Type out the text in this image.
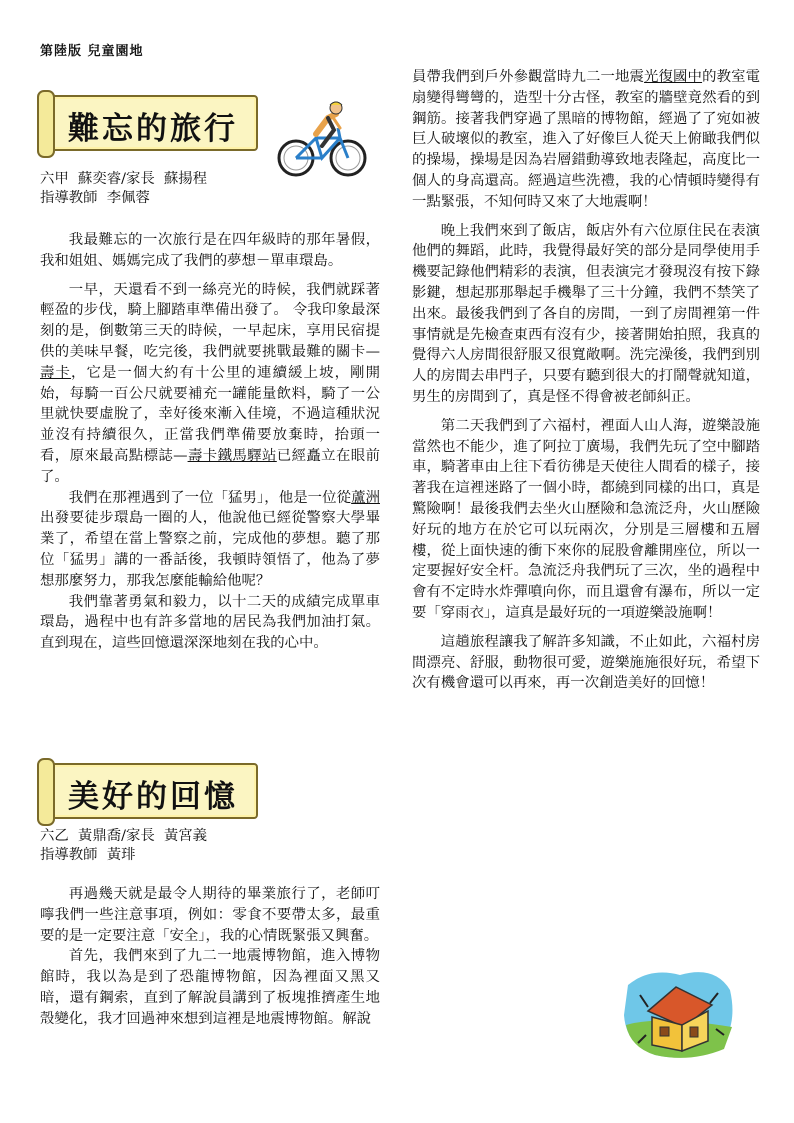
第陸版 兒童園地
難忘的旅行
六甲  蘇奕睿/家長  蘇揚程
指導教師  李佩蓉

我最難忘的一次旅行是在四年級時的那年暑假，我和姐姐、媽媽完成了我們的夢想－單車環島。

一早，天還看不到一絲亮光的時候，我們就踩著輕盈的步伐，騎上腳踏車準備出發了。 令我印象最深刻的是，倒數第三天的時候，一早起床，享用民宿提供的美味早餐，吃完後，我們就要挑戰最難的關卡—壽卡，它是一個大約有十公里的連續緩上坡，剛開始，每騎一百公尺就要補充一罐能量飲料，騎了一公里就快要虛脫了，幸好後來漸入佳境，不過這種狀況並沒有持續很久，正當我們準備要放棄時，抬頭一看，原來最高點標誌—壽卡鐵馬驛站已經矗立在眼前了。

我們在那裡遇到了一位「猛男」，他是一位從蘆洲出發要徒步環島一圈的人，他說他已經從警察大學畢業了，希望在當上警察之前，完成他的夢想。聽了那位「猛男」講的一番話後，我頓時領悟了，他為了夢想那麼努力，那我怎麼能輸給他呢？

我們靠著勇氣和毅力，以十二天的成績完成單車環島，過程中也有許多當地的居民為我們加油打氣。直到現在，這些回憶還深深地刻在我的心中。

美好的回憶
六乙  黃鼎喬/家長  黃宮義
指導教師  黃琲

再過幾天就是最令人期待的畢業旅行了，老師叮嚀我們一些注意事項，例如：零食不要帶太多，最重要的是一定要注意「安全」，我的心情既緊張又興奮。

首先，我們來到了九二一地震博物館，進入博物館時，我以為是到了恐龍博物館，因為裡面又黑又暗，還有鋼索，直到了解說員講到了板塊推擠產生地殼變化，我才回過神來想到這裡是地震博物館。解說

員帶我們到戶外參觀當時九二一地震光復國中的教室電扇變得彎彎的，造型十分古怪，教室的牆壁竟然看的到鋼筋。接著我們穿過了黑暗的博物館，經過了了宛如被巨人破壞似的教室，進入了好像巨人從天上俯瞰我們似的操場，操場是因為岩層錯動導致地表隆起，高度比一個人的身高還高。經過這些洗禮，我的心情頓時變得有一點緊張，不知何時又來了大地震啊！

晚上我們來到了飯店，飯店外有六位原住民在表演他們的舞蹈，此時，我覺得最好笑的部分是同學使用手機要記錄他們精彩的表演，但表演完才發現沒有按下錄影鍵，想起那那舉起手機舉了三十分鐘，我們不禁笑了出來。最後我們到了各自的房間，一到了房間裡第一件事情就是先檢查東西有沒有少，接著開始拍照，我真的覺得六人房間很舒服又很寬敞啊。洗完澡後，我們到別人的房間去串門子，只要有聽到很大的打鬧聲就知道，男生的房間到了，真是怪不得會被老師糾正。

第二天我們到了六福村，裡面人山人海，遊樂設施當然也不能少，進了阿拉丁廣場，我們先玩了空中腳踏車，騎著車由上往下看彷彿是天使往人間看的樣子，接著我在這裡迷路了一個小時，都繞到同樣的出口，真是驚險啊！最後我們去坐火山歷險和急流泛舟，火山歷險好玩的地方在於它可以玩兩次，分別是三層樓和五層樓，從上面快速的衝下來你的屁股會離開座位，所以一定要握好安全杆。急流泛舟我們玩了三次，坐的過程中會有不定時水炸彈噴向你，而且還會有瀑布，所以一定要「穿雨衣」，這真是最好玩的一項遊樂設施啊！

這趟旅程讓我了解許多知識，不止如此，六福村房間漂亮、舒服，動物很可愛，遊樂施施很好玩，希望下次有機會還可以再來，再一次創造美好的回憶！
